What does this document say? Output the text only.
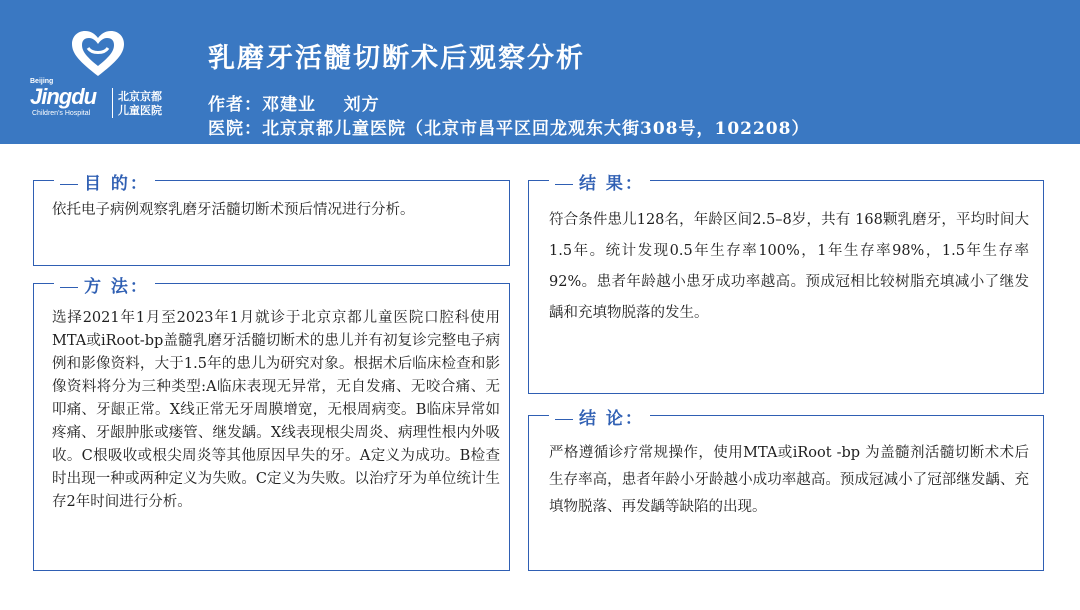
Beijing
Jingdu
Children's Hospital
北京京都
儿童医院
乳磨牙活髓切断术后观察分析
作者：邓建业    刘方
医院：北京京都儿童医院（北京市昌平区回龙观东大街308号，102208）
目 的：
依托电子病例观察乳磨牙活髓切断术预后情况进行分析。
方 法：
选择2021年1月至2023年1月就诊于北京京都儿童医院口腔科使用MTA或iRoot-bp盖髓乳磨牙活髓切断术的患儿并有初复诊完整电子病例和影像资料，大于1.5年的患儿为研究对象。根据术后临床检查和影像资料将分为三种类型:A临床表现无异常，无自发痛、无咬合痛、无叩痛、牙龈正常。X线正常无牙周膜增宽，无根周病变。B临床异常如疼痛、牙龈肿胀或瘘管、继发龋。X线表现根尖周炎、病理性根内外吸收。C根吸收或根尖周炎等其他原因早失的牙。A定义为成功。B检查时出现一种或两种定义为失败。C定义为失败。以治疗牙为单位统计生存2年时间进行分析。
结 果：
符合条件患儿128名，年龄区间2.5–8岁，共有 168颗乳磨牙，平均时间大1.5年。统计发现0.5年生存率100%，1年生存率98%，1.5年生存率92%。患者年龄越小患牙成功率越高。预成冠相比较树脂充填减小了继发龋和充填物脱落的发生。
结 论：
严格遵循诊疗常规操作，使用MTA或iRoot -bp 为盖髓剂活髓切断术术后生存率高，患者年龄小牙龄越小成功率越高。预成冠减小了冠部继发龋、充填物脱落、再发龋等缺陷的出现。
